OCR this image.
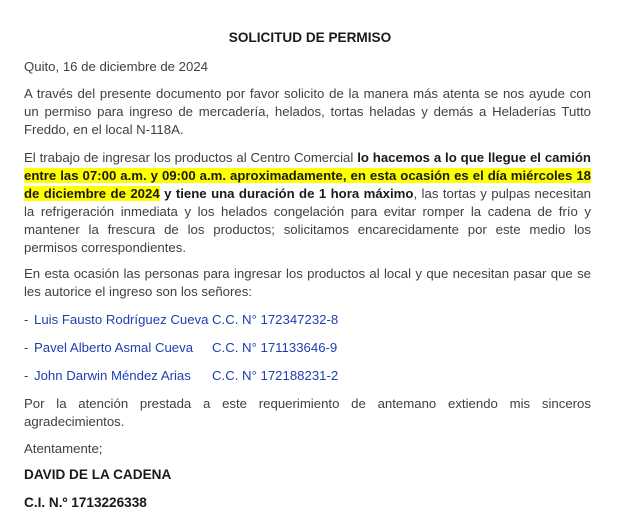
SOLICITUD DE PERMISO
Quito, 16 de diciembre de 2024
A través del presente documento por favor solicito de la manera más atenta se nos ayude con un permiso para ingreso de mercadería, helados, tortas heladas y demás a Heladerías Tutto Freddo, en el local N-118A.
El trabajo de ingresar los productos al Centro Comercial lo hacemos a lo que llegue el camión entre las 07:00 a.m. y 09:00 a.m. aproximadamente, en esta ocasión es el día miércoles 18 de diciembre de 2024 y tiene una duración de 1 hora máximo, las tortas y pulpas necesitan la refrigeración inmediata y los helados congelación para evitar romper la cadena de frío y mantener la frescura de los productos; solicitamos encarecidamente por este medio los permisos correspondientes.
En esta ocasión las personas para ingresar los productos al local y que necesitan pasar que se les autorice el ingreso son los señores:
- Luis Fausto Rodríguez Cueva C.C. N° 172347232-8
- Pavel Alberto Asmal Cueva C.C. N° 171133646-9
- John Darwin Méndez Arias C.C. N° 172188231-2
Por la atención prestada a este requerimiento de antemano extiendo mis sinceros agradecimientos.
Atentamente;
DAVID DE LA CADENA
C.I. N.º 1713226338
